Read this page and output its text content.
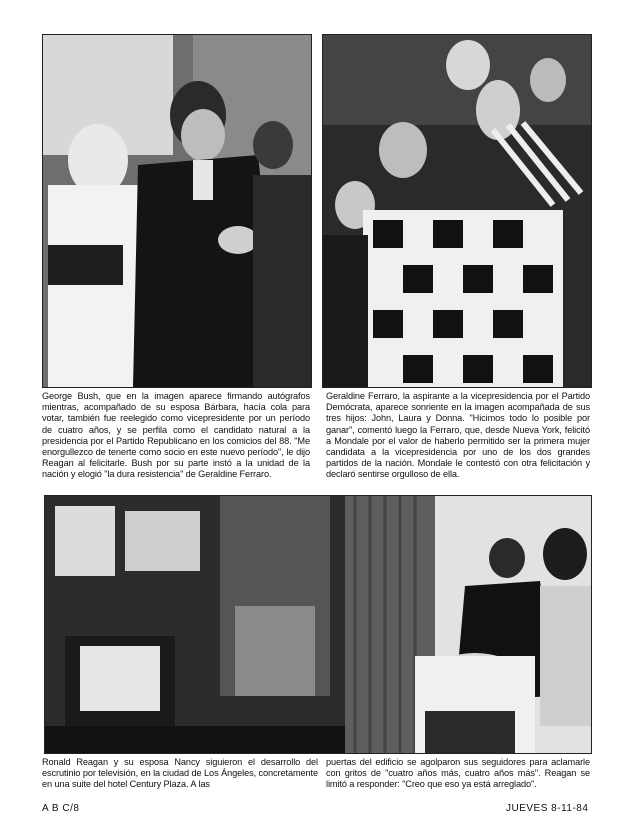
George Bush, que en la imagen aparece firmando autógrafos mientras, acompañado de su esposa Bárbara, hacía cola para votar, también fue reelegido como vicepresidente por un período de cuatro años, y se perfila como el candidato natural a la presidencia por el Partido Republicano en los comicios del 88. "Me enorgullezco de tenerte como socio en este nuevo período", le dijo Reagan al felicitarle. Bush por su parte instó a la unidad de la nación y elogió "la dura resistencia" de Geraldine Ferraro.

Geraldine Ferraro, la aspirante a la vicepresidencia por el Partido Demócrata, aparece sonriente en la imagen acompañada de sus tres hijos: John, Laura y Donna. "Hicimos todo lo posible por ganar", comentó luego la Ferraro, que, desde Nueva York, felicitó a Mondale por el valor de haberlo permitido ser la primera mujer candidata a la vicepresidencia por uno de los dos grandes partidos de la nación. Mondale le contestó con otra felicitación y declaró sentirse orgulloso de ella.

Ronald Reagan y su esposa Nancy siguieron el desarrollo del escrutinio por televisión, en la ciudad de Los Ángeles, concretamente en una suite del hotel Century Plaza. A las

puertas del edificio se agolparon sus seguidores para aclamarle con gritos de "cuatro años más, cuatro años más". Reagan se limitó a responder: "Creo que eso ya está arreglado".

A B C/8	JUEVES 8-11-84
